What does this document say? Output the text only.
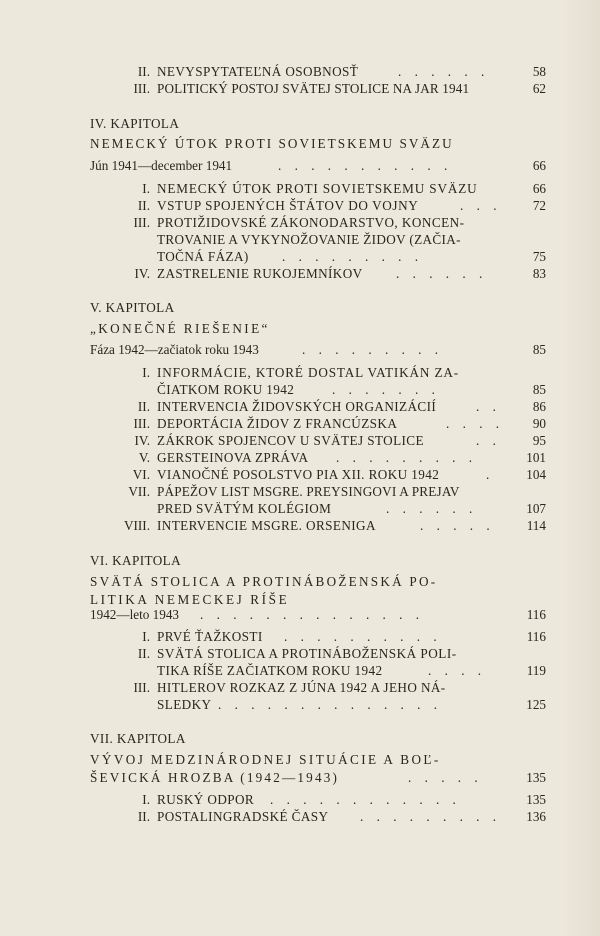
II. NEVYSPYTATEĽNÁ OSOBNOSŤ	. . . . . .	58
III. POLITICKÝ POSTOJ SVÄTEJ STOLICE NA JAR 1941	62
IV. KAPITOLA
NEMECKÝ ÚTOK PROTI SOVIETSKEMU SVÄZU
Jún 1941—december 1941	. . . . . . . . . . .	66
I. NEMECKÝ ÚTOK PROTI SOVIETSKEMU SVÄZU	66
II. VSTUP SPOJENÝCH ŠTÁTOV DO VOJNY	. . .	72
III. PROTIŽIDOVSKÉ ZÁKONODARSTVO, KONCEN-
TROVANIE A VYKYNOŽOVANIE ŽIDOV (ZAČIA-
TOČNÁ FÁZA)	. . . . . . . . .	75
IV. ZASTRELENIE RUKOJEMNÍKOV	. . . . . .	83
V. KAPITOLA
„KONEČNÉ RIEŠENIE“
Fáza 1942—začiatok roku 1943	. . . . . . . . .	85
I. INFORMÁCIE, KTORÉ DOSTAL VATIKÁN ZA-
ČIATKOM ROKU 1942	. . . . . . .	85
II. INTERVENCIA ŽIDOVSKÝCH ORGANIZÁCIÍ	. .	86
III. DEPORTÁCIA ŽIDOV Z FRANCÚZSKA	. . . .	90
IV. ZÁKROK SPOJENCOV U SVÄTEJ STOLICE	. .	95
V. GERSTEINOVA ZPRÁVA . . . . . . . . .	101
VI. VIANOČNÉ POSOLSTVO PIA XII. ROKU 1942	.	104
VII. PÁPEŽOV LIST MSGRE. PREYSINGOVI A PREJAV
PRED SVÄTÝM KOLÉGIOM	. . . . . .	107
VIII. INTERVENCIE MSGRE. ORSENIGA	. . . . .	114
VI. KAPITOLA
SVÄTÁ STOLICA A PROTINÁBOŽENSKÁ PO-
LITIKA NEMECKEJ RÍŠE
1942—leto 1943 . . . . . . . . . . . . . .	116
I. PRVÉ ŤAŽKOSTI . . . . . . . . . .	116
II. SVÄTÁ STOLICA A PROTINÁBOŽENSKÁ POLI-
TIKA RÍŠE ZAČIATKOM ROKU 1942	. . . .	119
III. HITLEROV ROZKAZ Z JÚNA 1942 A JEHO NÁ-
SLEDKY . . . . . . . . . . . . . .	125
VII. KAPITOLA
VÝVOJ MEDZINÁRODNEJ SITUÁCIE A BOĽ-
ŠEVICKÁ HROZBA (1942—1943)	. . . . .	135
I. RUSKÝ ODPOR . . . . . . . . . . . .	135
II. POSTALINGRADSKÉ ČASY . . . . . . . . .	136
